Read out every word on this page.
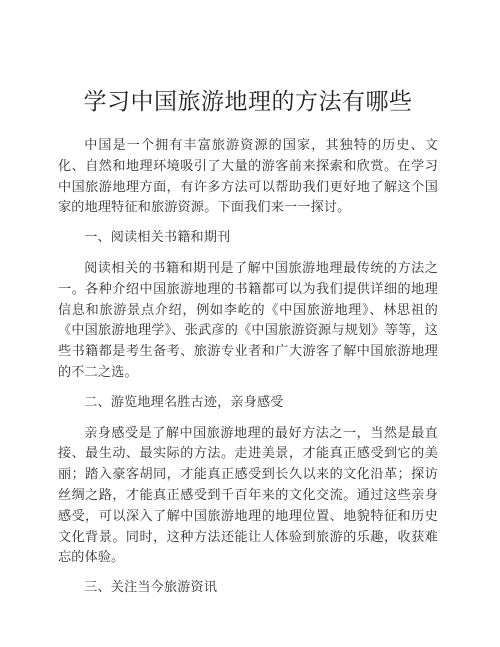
学习中国旅游地理的方法有哪些

中国是一个拥有丰富旅游资源的国家，其独特的历史、文化、自然和地理环境吸引了大量的游客前来探索和欣赏。在学习中国旅游地理方面，有许多方法可以帮助我们更好地了解这个国家的地理特征和旅游资源。下面我们来一一探讨。

一、阅读相关书籍和期刊

阅读相关的书籍和期刊是了解中国旅游地理最传统的方法之一。各种介绍中国旅游地理的书籍都可以为我们提供详细的地理信息和旅游景点介绍，例如李屹的《中国旅游地理》、林思祖的《中国旅游地理学》、张武彦的《中国旅游资源与规划》等等，这些书籍都是考生备考、旅游专业者和广大游客了解中国旅游地理的不二之选。

二、游览地理名胜古迹，亲身感受

亲身感受是了解中国旅游地理的最好方法之一，当然是最直接、最生动、最实际的方法。走进美景，才能真正感受到它的美丽；踏入豪客胡同，才能真正感受到长久以来的文化沿革；探访丝绸之路，才能真正感受到千百年来的文化交流。通过这些亲身感受，可以深入了解中国旅游地理的地理位置、地貌特征和历史文化背景。同时，这种方法还能让人体验到旅游的乐趣，收获难忘的体验。

三、关注当今旅游资讯
